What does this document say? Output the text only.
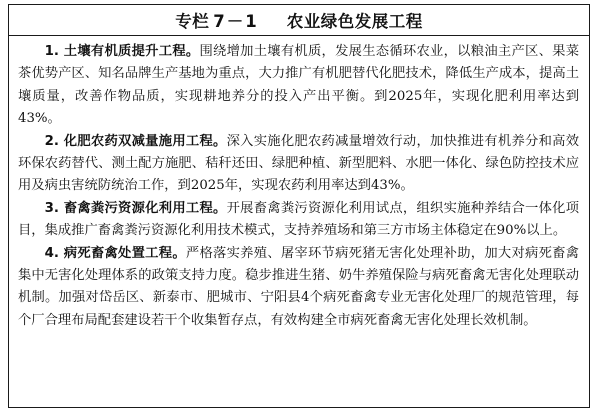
专栏 7－1 农业绿色发展工程

1. 土壤有机质提升工程。围绕增加土壤有机质，发展生态循环农业，以粮油主产区、果菜茶优势产区、知名品牌生产基地为重点，大力推广有机肥替代化肥技术，降低生产成本，提高土壤质量，改善作物品质，实现耕地养分的投入产出平衡。到2025年，实现化肥利用率达到43%。

2. 化肥农药双减量施用工程。深入实施化肥农药减量增效行动，加快推进有机养分和高效环保农药替代、测土配方施肥、秸秆还田、绿肥种植、新型肥料、水肥一体化、绿色防控技术应用及病虫害统防统治工作，到2025年，实现农药利用率达到43%。

3. 畜禽粪污资源化利用工程。开展畜禽粪污资源化利用试点，组织实施种养结合一体化项目，集成推广畜禽粪污资源化利用技术模式，支持养殖场和第三方市场主体稳定在90%以上。

4. 病死畜禽处置工程。严格落实养殖、屠宰环节病死猪无害化处理补助，加大对病死畜禽集中无害化处理体系的政策支持力度。稳步推进生猪、奶牛养殖保险与病死畜禽无害化处理联动机制。加强对岱岳区、新泰市、肥城市、宁阳县4个病死畜禽专业无害化处理厂的规范管理，每个厂合理布局配套建设若干个收集暂存点，有效构建全市病死畜禽无害化处理长效机制。
